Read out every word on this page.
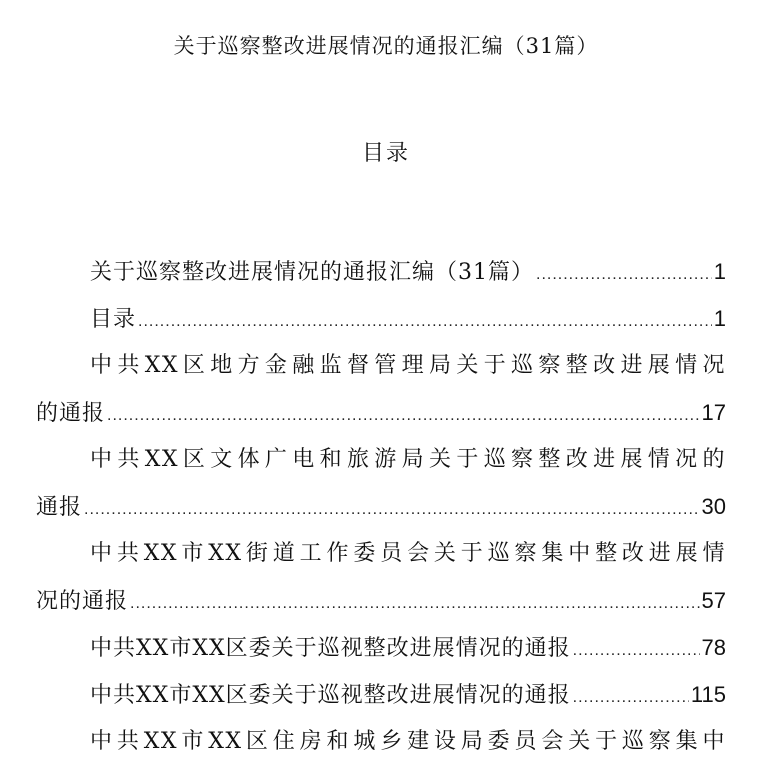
关于巡察整改进展情况的通报汇编（31篇）
目录
关于巡察整改进展情况的通报汇编（31篇） .....	1
目录 .....	1
中共XX区地方金融监督管理局关于巡察整改进展情况
的通报 .....	17
中共XX区文体广电和旅游局关于巡察整改进展情况的
通报 .....	30
中共XX市XX街道工作委员会关于巡察集中整改进展情
况的通报 .....	57
中共XX市XX区委关于巡视整改进展情况的通报 .....	78
中共XX市XX区委关于巡视整改进展情况的通报 .....	115
中共XX市XX区住房和城乡建设局委员会关于巡察集中
